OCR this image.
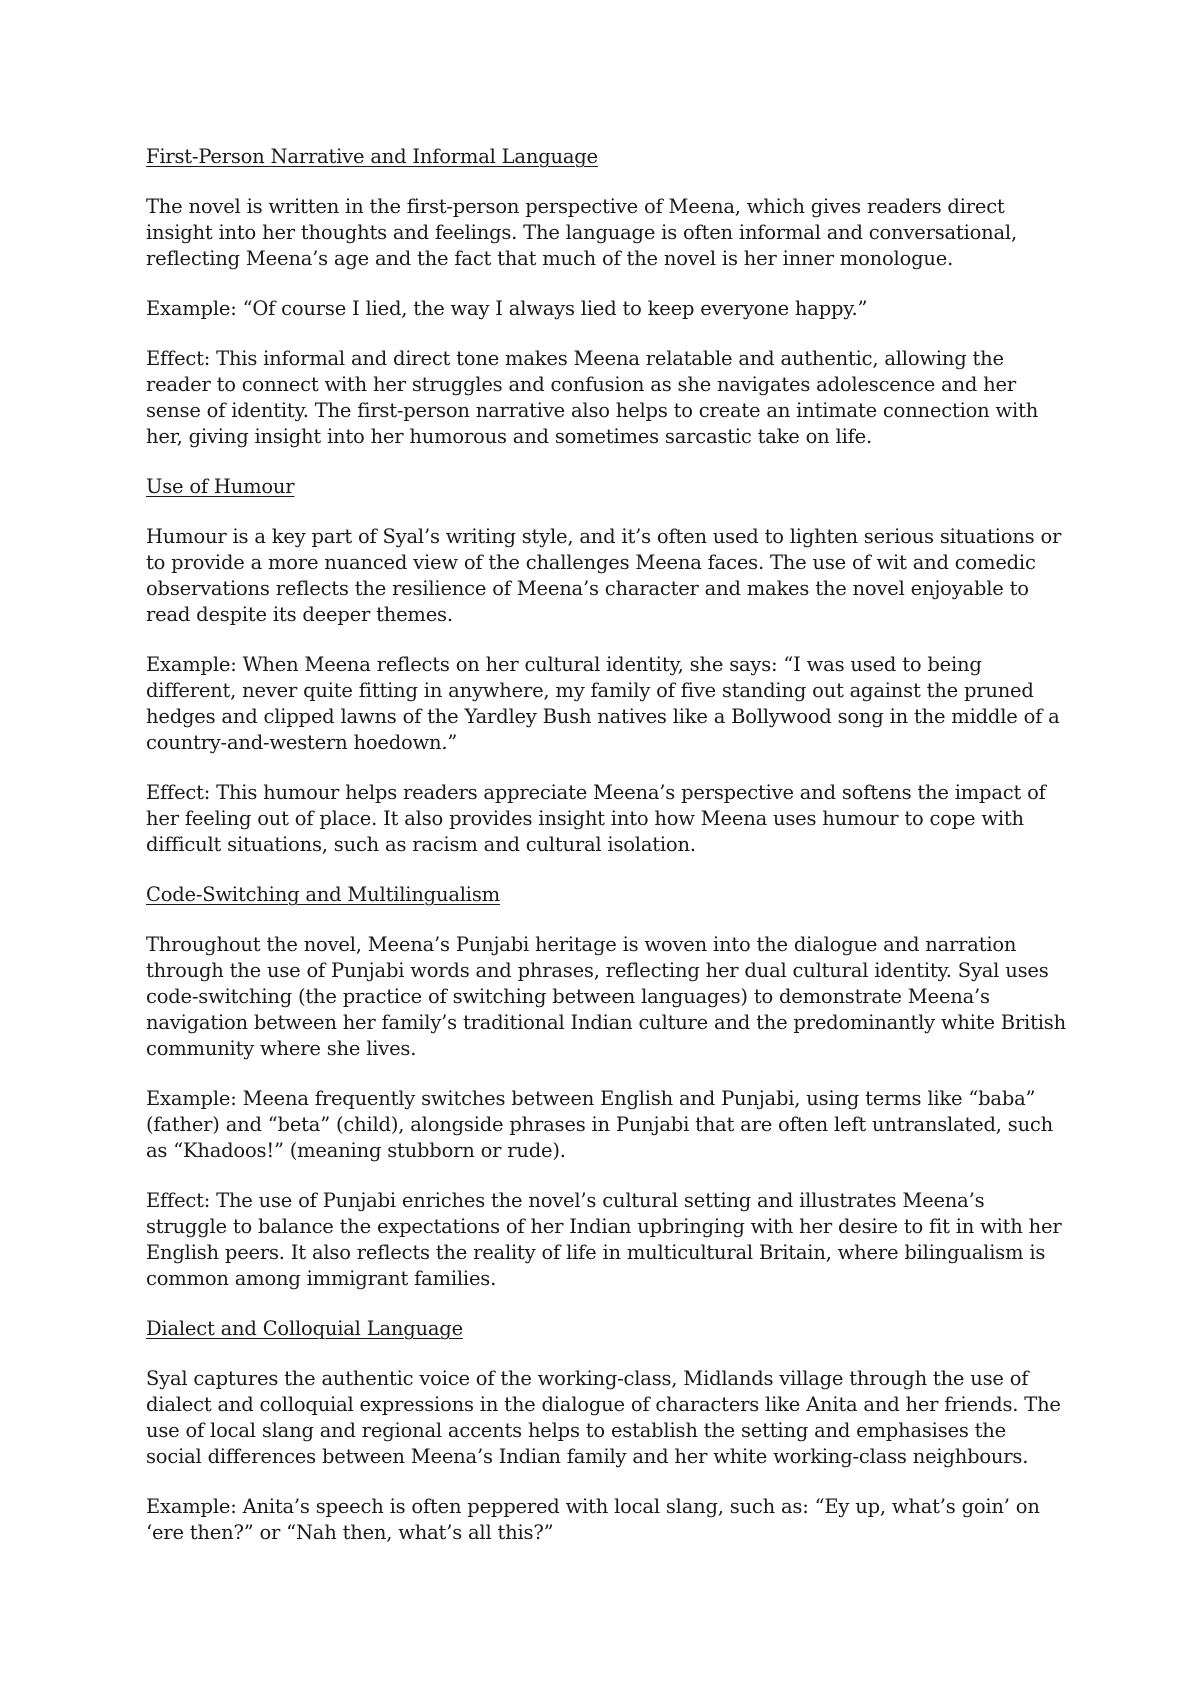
First-Person Narrative and Informal Language

The novel is written in the first-person perspective of Meena, which gives readers direct insight into her thoughts and feelings. The language is often informal and conversational, reflecting Meena’s age and the fact that much of the novel is her inner monologue.

Example: “Of course I lied, the way I always lied to keep everyone happy.”

Effect: This informal and direct tone makes Meena relatable and authentic, allowing the reader to connect with her struggles and confusion as she navigates adolescence and her sense of identity. The first-person narrative also helps to create an intimate connection with her, giving insight into her humorous and sometimes sarcastic take on life.

Use of Humour

Humour is a key part of Syal’s writing style, and it’s often used to lighten serious situations or to provide a more nuanced view of the challenges Meena faces. The use of wit and comedic observations reflects the resilience of Meena’s character and makes the novel enjoyable to read despite its deeper themes.

Example: When Meena reflects on her cultural identity, she says: “I was used to being different, never quite fitting in anywhere, my family of five standing out against the pruned hedges and clipped lawns of the Yardley Bush natives like a Bollywood song in the middle of a country-and-western hoedown.”

Effect: This humour helps readers appreciate Meena’s perspective and softens the impact of her feeling out of place. It also provides insight into how Meena uses humour to cope with difficult situations, such as racism and cultural isolation.

Code-Switching and Multilingualism

Throughout the novel, Meena’s Punjabi heritage is woven into the dialogue and narration through the use of Punjabi words and phrases, reflecting her dual cultural identity. Syal uses code-switching (the practice of switching between languages) to demonstrate Meena’s navigation between her family’s traditional Indian culture and the predominantly white British community where she lives.

Example: Meena frequently switches between English and Punjabi, using terms like “baba” (father) and “beta” (child), alongside phrases in Punjabi that are often left untranslated, such as “Khadoos!” (meaning stubborn or rude).

Effect: The use of Punjabi enriches the novel’s cultural setting and illustrates Meena’s struggle to balance the expectations of her Indian upbringing with her desire to fit in with her English peers. It also reflects the reality of life in multicultural Britain, where bilingualism is common among immigrant families.

Dialect and Colloquial Language

Syal captures the authentic voice of the working-class, Midlands village through the use of dialect and colloquial expressions in the dialogue of characters like Anita and her friends. The use of local slang and regional accents helps to establish the setting and emphasises the social differences between Meena’s Indian family and her white working-class neighbours.

Example: Anita’s speech is often peppered with local slang, such as: “Ey up, what’s goin’ on ‘ere then?” or “Nah then, what’s all this?”
